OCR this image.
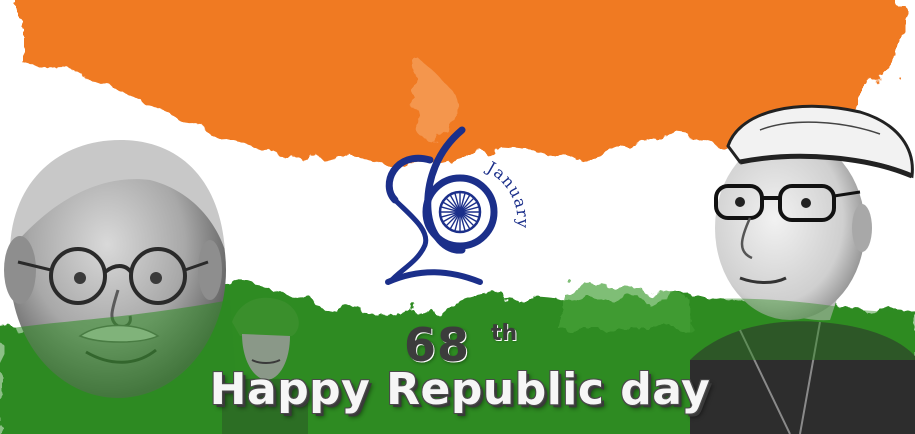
January
68 th
Happy Republic day
